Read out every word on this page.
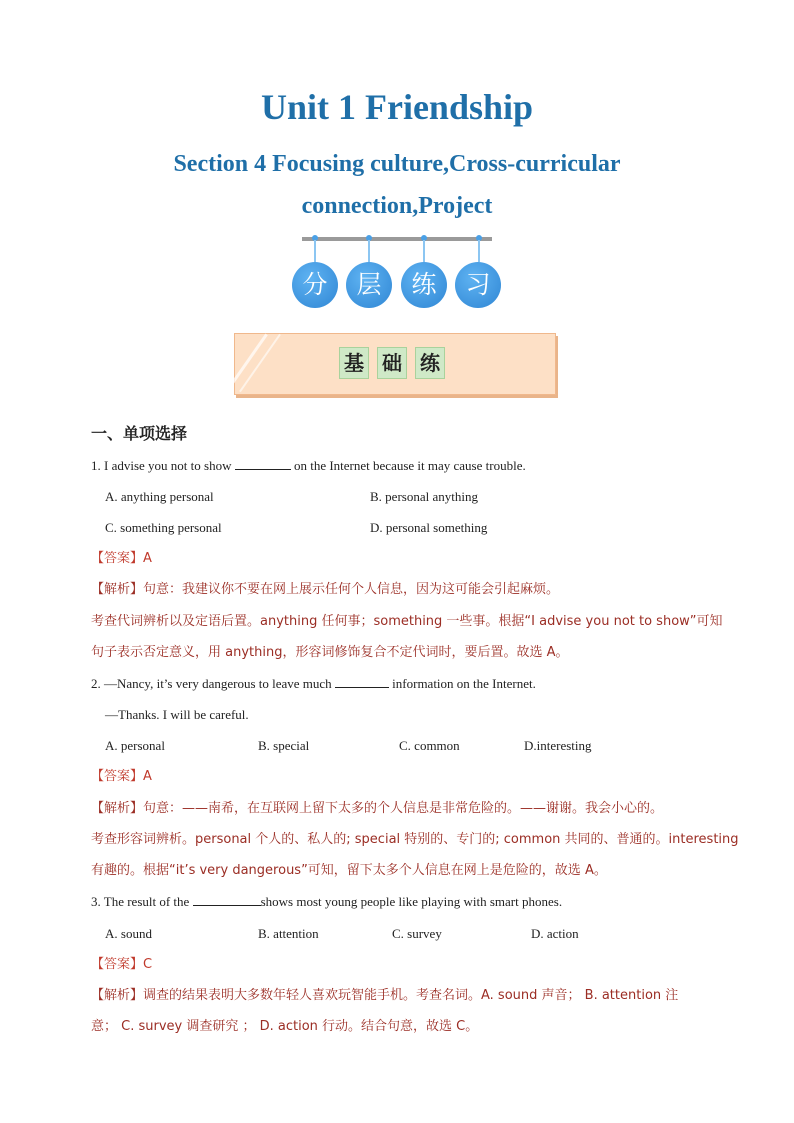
Unit 1 Friendship
Section 4 Focusing culture,Cross-curricular
connection,Project
分	层	练	习
基 础 练
一、单项选择
1. I advise you not to show	on the Internet because it may cause trouble.
A. anything personal	B. personal anything
C. something personal	D. personal something
【答案】A
【解析】句意：我建议你不要在网上展示任何个人信息，因为这可能会引起麻烦。
考查代词辨析以及定语后置。anything 任何事；something 一些事。根据“I advise you not to show”可知
句子表示否定意义，用 anything，形容词修饰复合不定代词时，要后置。故选 A。
2. —Nancy, it’s very dangerous to leave much	information on the Internet.
—Thanks. I will be careful.
A. personal	B. special	C. common	D.interesting
【答案】A
【解析】句意：——南希，在互联网上留下太多的个人信息是非常危险的。——谢谢。我会小心的。
考查形容词辨析。personal 个人的、私人的; special 特别的、专门的; common 共同的、普通的。interesting
有趣的。根据“it’s very dangerous”可知，留下太多个人信息在网上是危险的，故选 A。
3. The result of the	shows most young people like playing with smart phones.
A. sound	B. attention	C. survey	D. action
【答案】C
【解析】调查的结果表明大多数年轻人喜欢玩智能手机。考查名词。A. sound 声音； B. attention 注
意； C. survey 调查研究 ； D. action 行动。结合句意，故选 C。
